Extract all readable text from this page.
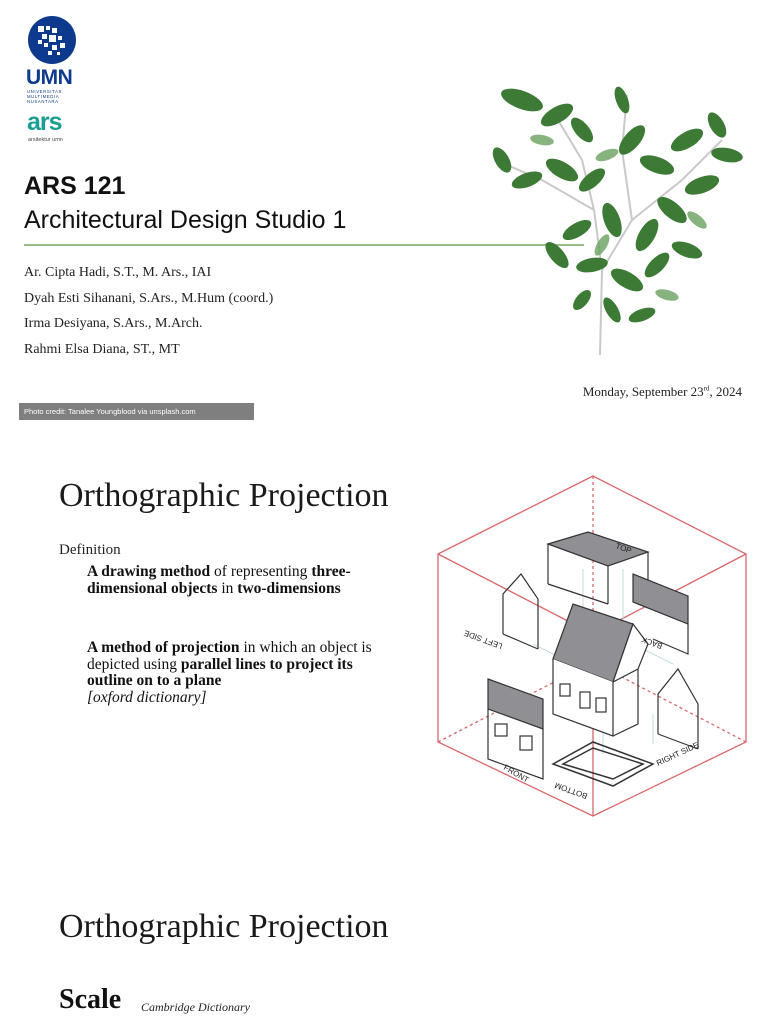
UMN
UNIVERSITAS MULTIMEDIA NUSANTARA
ars
arsitektur umn
ARS 121
Architectural Design Studio 1
Ar. Cipta Hadi, S.T., M. Ars., IAI
Dyah Esti Sihanani, S.Ars., M.Hum (coord.)
Irma Desiyana, S.Ars., M.Arch.
Rahmi Elsa Diana, ST., MT
Monday, September 23rd, 2024
Photo credit: Tanalee Youngblood via unsplash.com
Orthographic Projection
Definition
A drawing method of representing three-dimensional objects in two-dimensions
A method of projection in which an object is depicted using parallel lines to project its outline on to a plane
[oxford dictionary]
TOP
LEFT SIDE	BACK
FRONT
BOTTOM
RIGHT SIDE
Orthographic Projection
Scale Cambridge Dictionary
